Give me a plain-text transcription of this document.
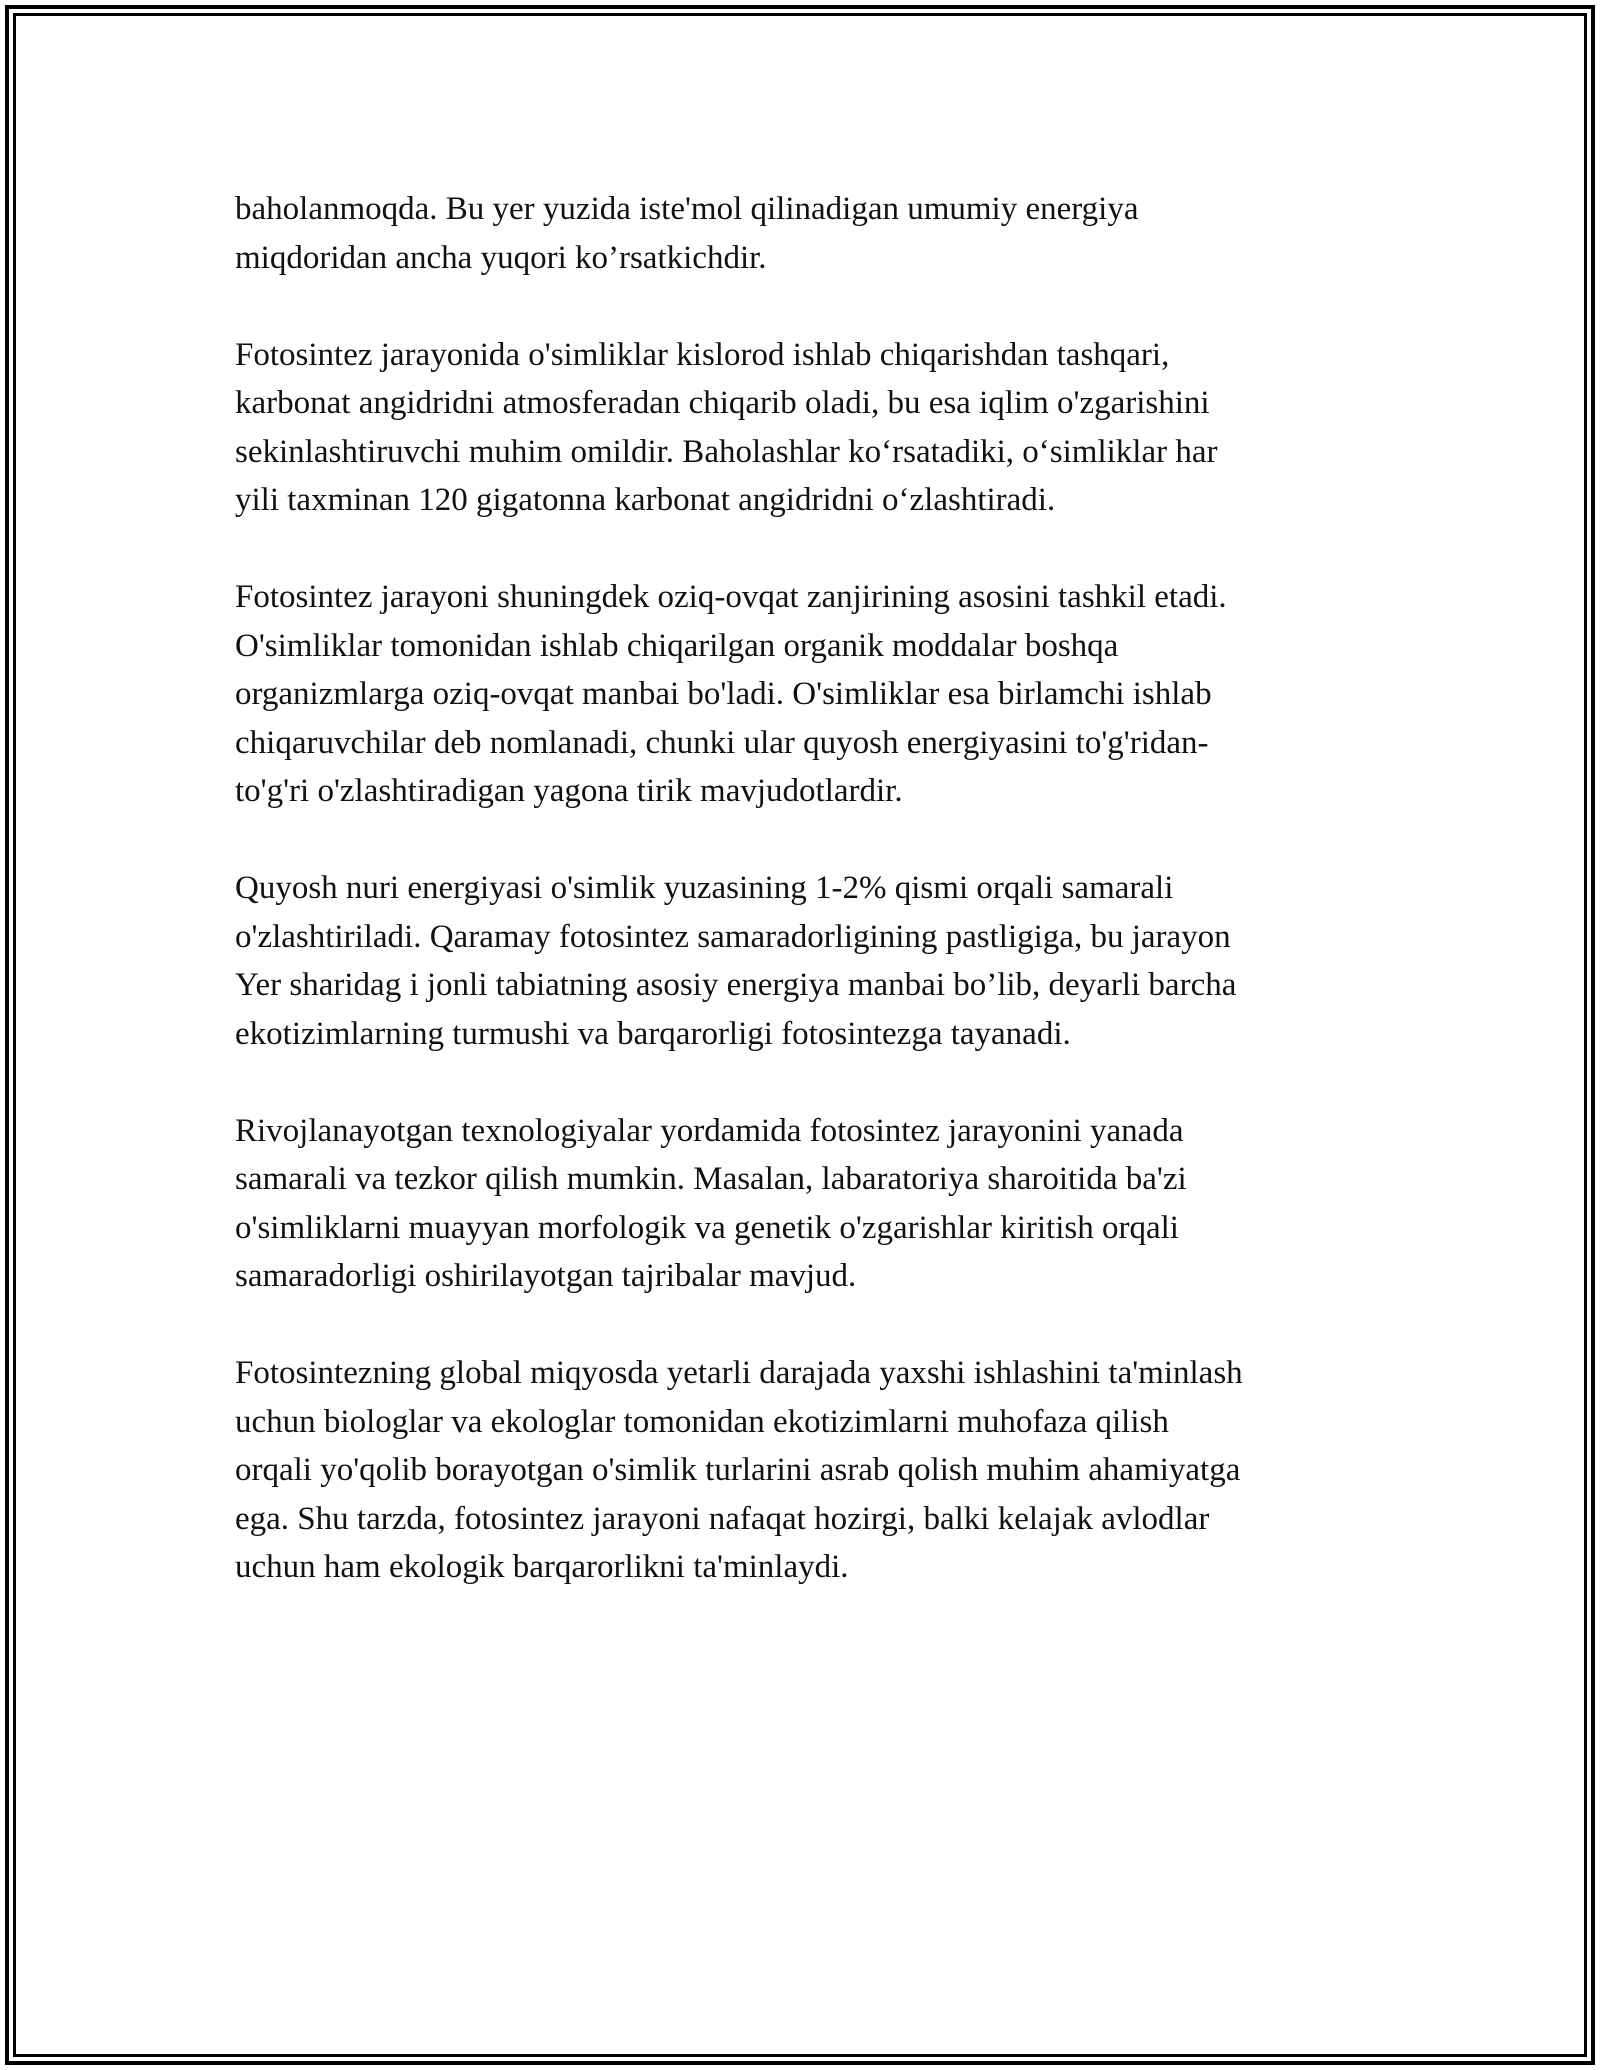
baholanmoqda. Bu yer yuzida iste'mol qilinadigan umumiy energiya
miqdoridan ancha yuqori ko’rsatkichdir.

Fotosintez jarayonida o'simliklar kislorod ishlab chiqarishdan tashqari,
karbonat angidridni atmosferadan chiqarib oladi, bu esa iqlim o'zgarishini
sekinlashtiruvchi muhim omildir. Baholashlar ko‘rsatadiki, o‘simliklar har
yili taxminan 120 gigatonna karbonat angidridni o‘zlashtiradi.

Fotosintez jarayoni shuningdek oziq-ovqat zanjirining asosini tashkil etadi.
O'simliklar tomonidan ishlab chiqarilgan organik moddalar boshqa
organizmlarga oziq-ovqat manbai bo'ladi. O'simliklar esa birlamchi ishlab
chiqaruvchilar deb nomlanadi, chunki ular quyosh energiyasini to'g'ridan-
to'g'ri o'zlashtiradigan yagona tirik mavjudotlardir.

Quyosh nuri energiyasi o'simlik yuzasining 1-2% qismi orqali samarali
o'zlashtiriladi. Qaramay fotosintez samaradorligining pastligiga, bu jarayon
Yer sharidag i jonli tabiatning asosiy energiya manbai bo’lib, deyarli barcha
ekotizimlarning turmushi va barqarorligi fotosintezga tayanadi.

Rivojlanayotgan texnologiyalar yordamida fotosintez jarayonini yanada
samarali va tezkor qilish mumkin. Masalan, labaratoriya sharoitida ba'zi
o'simliklarni muayyan morfologik va genetik o'zgarishlar kiritish orqali
samaradorligi oshirilayotgan tajribalar mavjud.

Fotosintezning global miqyosda yetarli darajada yaxshi ishlashini ta'minlash
uchun biologlar va ekologlar tomonidan ekotizimlarni muhofaza qilish
orqali yo'qolib borayotgan o'simlik turlarini asrab qolish muhim ahamiyatga
ega. Shu tarzda, fotosintez jarayoni nafaqat hozirgi, balki kelajak avlodlar
uchun ham ekologik barqarorlikni ta'minlaydi.
